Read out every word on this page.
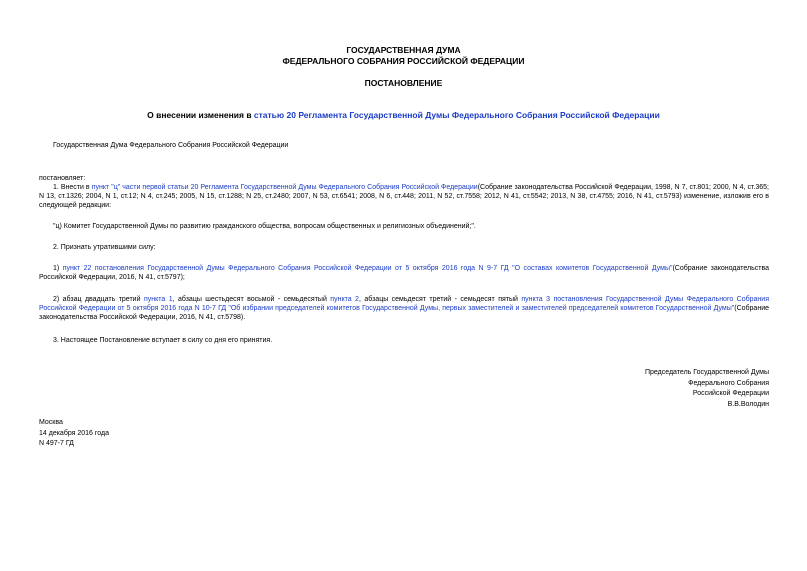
ГОСУДАРСТВЕННАЯ ДУМА
ФЕДЕРАЛЬНОГО СОБРАНИЯ РОССИЙСКОЙ ФЕДЕРАЦИИ
ПОСТАНОВЛЕНИЕ
О внесении изменения в статью 20 Регламента Государственной Думы Федерального Собрания Российской Федерации
Государственная Дума Федерального Собрания Российской Федерации
постановляет:
1. Внести в пункт "ц" части первой статьи 20 Регламента Государственной Думы Федерального Собрания Российской Федерации(Собрание законодательства Российской Федерации, 1998, N 7, ст.801; 2000, N 4, ст.365; N 13, ст.1326; 2004, N 1, ст.12; N 4, ст.245; 2005, N 15, ст.1288; N 25, ст.2480; 2007, N 53, ст.6541; 2008, N 6, ст.448; 2011, N 52, ст.7558; 2012, N 41, ст.5542; 2013, N 38, ст.4755; 2016, N 41, ст.5793) изменение, изложив его в следующей редакции:
"ц) Комитет Государственной Думы по развитию гражданского общества, вопросам общественных и религиозных объединений;".
2. Признать утратившими силу:
1) пункт 22 постановления Государственной Думы Федерального Собрания Российской Федерации от 5 октября 2016 года N 9-7 ГД "О составах комитетов Государственной Думы"(Собрание законодательства Российской Федерации, 2016, N 41, ст.5797);
2) абзац двадцать третий пункта 1, абзацы шестьдесят восьмой - семьдесятый пункта 2, абзацы семьдесят третий - семьдесят пятый пункта 3 постановления Государственной Думы Федерального Собрания Российской Федерации от 5 октября 2016 года N 10-7 ГД "Об избрании председателей комитетов Государственной Думы, первых заместителей и заместителей председателей комитетов Государственной Думы"(Собрание законодательства Российской Федерации, 2016, N 41, ст.5798).
3. Настоящее Постановление вступает в силу со дня его принятия.
Председатель Государственной Думы
Федерального Собрания
Российской Федерации
В.В.Володин
Москва
14 декабря 2016 года
N 497-7 ГД
